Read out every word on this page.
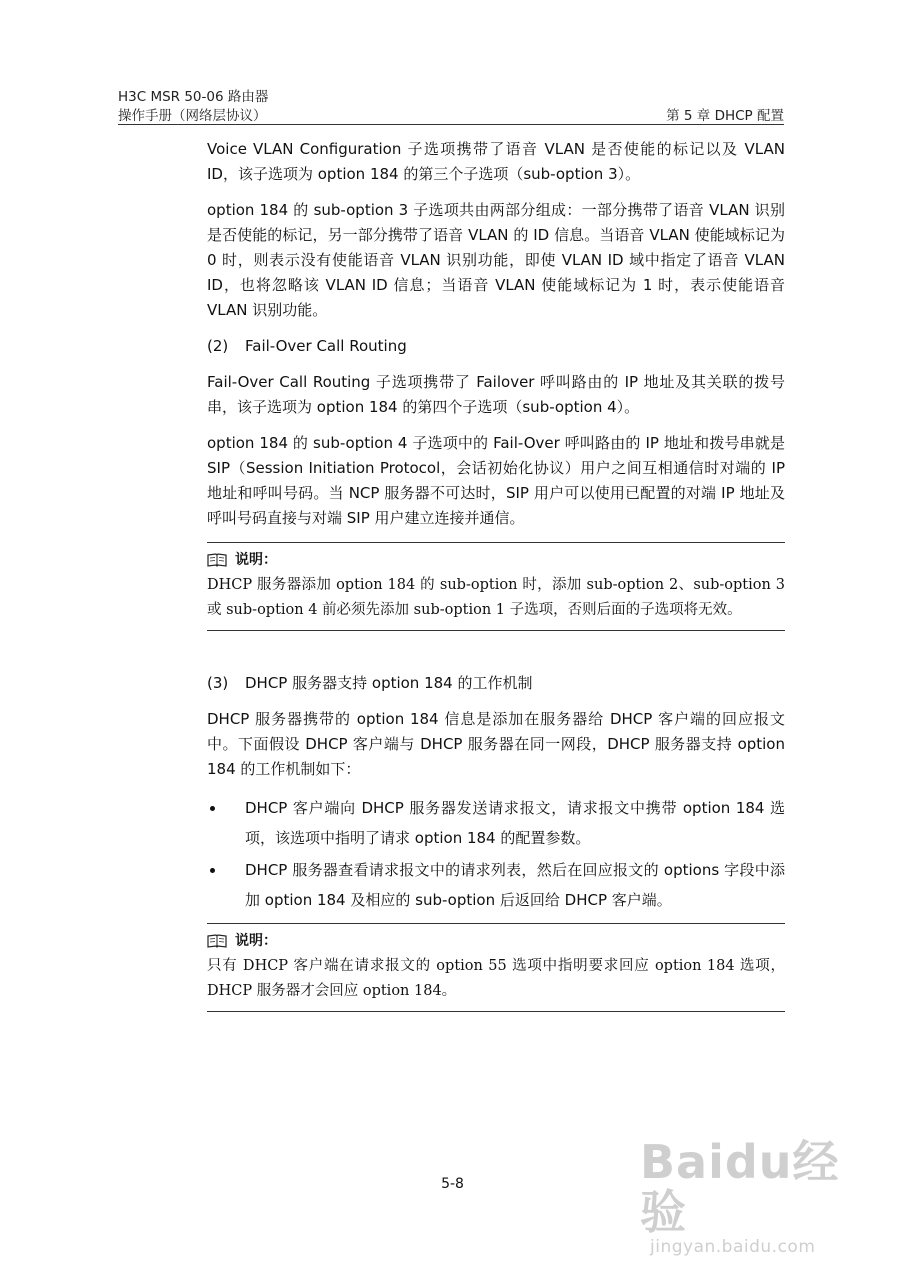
H3C MSR 50-06 路由器
操作手册（网络层协议）	第 5 章 DHCP 配置

Voice VLAN Configuration 子选项携带了语音 VLAN 是否使能的标记以及 VLAN ID，该子选项为 option 184 的第三个子选项（sub-option 3）。

option 184 的 sub-option 3 子选项共由两部分组成：一部分携带了语音 VLAN 识别是否使能的标记，另一部分携带了语音 VLAN 的 ID 信息。当语音 VLAN 使能域标记为 0 时，则表示没有使能语音 VLAN 识别功能，即使 VLAN ID 域中指定了语音 VLAN ID，也将忽略该 VLAN ID 信息；当语音 VLAN 使能域标记为 1 时，表示使能语音 VLAN 识别功能。

(2)	Fail-Over Call Routing

Fail-Over Call Routing 子选项携带了 Failover 呼叫路由的 IP 地址及其关联的拨号串，该子选项为 option 184 的第四个子选项（sub-option 4）。

option 184 的 sub-option 4 子选项中的 Fail-Over 呼叫路由的 IP 地址和拨号串就是 SIP（Session Initiation Protocol，会话初始化协议）用户之间互相通信时对端的 IP 地址和呼叫号码。当 NCP 服务器不可达时，SIP 用户可以使用已配置的对端 IP 地址及呼叫号码直接与对端 SIP 用户建立连接并通信。

说明：
DHCP 服务器添加 option 184 的 sub-option 时，添加 sub-option 2、sub-option 3 或 sub-option 4 前必须先添加 sub-option 1 子选项，否则后面的子选项将无效。
(3)	DHCP 服务器支持 option 184 的工作机制

DHCP 服务器携带的 option 184 信息是添加在服务器给 DHCP 客户端的回应报文中。下面假设 DHCP 客户端与 DHCP 服务器在同一网段，DHCP 服务器支持 option 184 的工作机制如下：

DHCP 客户端向 DHCP 服务器发送请求报文，请求报文中携带 option 184 选项，该选项中指明了请求 option 184 的配置参数。
DHCP 服务器查看请求报文中的请求列表，然后在回应报文的 options 字段中添加 option 184 及相应的 sub-option 后返回给 DHCP 客户端。
说明：
只有 DHCP 客户端在请求报文的 option 55 选项中指明要求回应 option 184 选项，DHCP 服务器才会回应 option 184。
5-8	Baidu经验
jingyan.baidu.com
